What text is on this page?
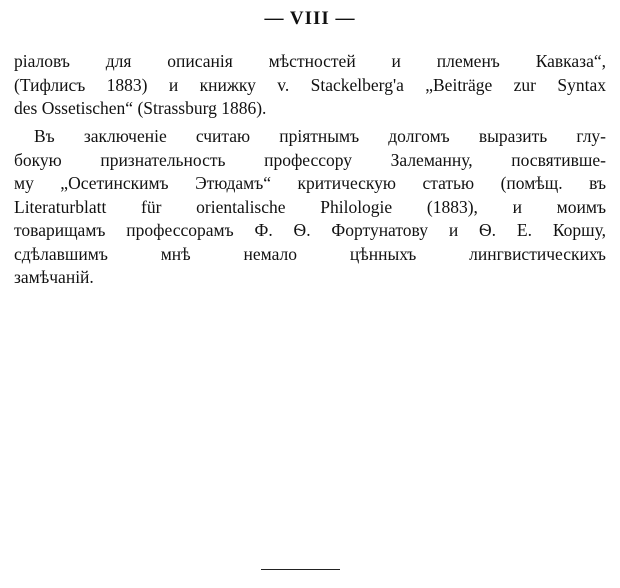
— VIII —
ріаловъ для описанія мѣстностей и племенъ Кавказа“,
(Тифлисъ 1883) и книжку v. Stackelberg'a „Beiträge zur Syntax
des Ossetischen“ (Strassburg 1886).
Въ заключеніе считаю пріятнымъ долгомъ выразить глу-
бокую признательность профессору Залеманну, посвятивше-
му „Осетинскимъ Этюдамъ“ критическую статью (помѣщ. въ
Literaturblatt für orientalische Philologie (1883), и моимъ
товарищамъ профессорамъ Ф. Ѳ. Фортунатову и Ѳ. Е. Коршу,
сдѣлавшимъ мнѣ немало цѣнныхъ лингвистическихъ
замѣчаній.
